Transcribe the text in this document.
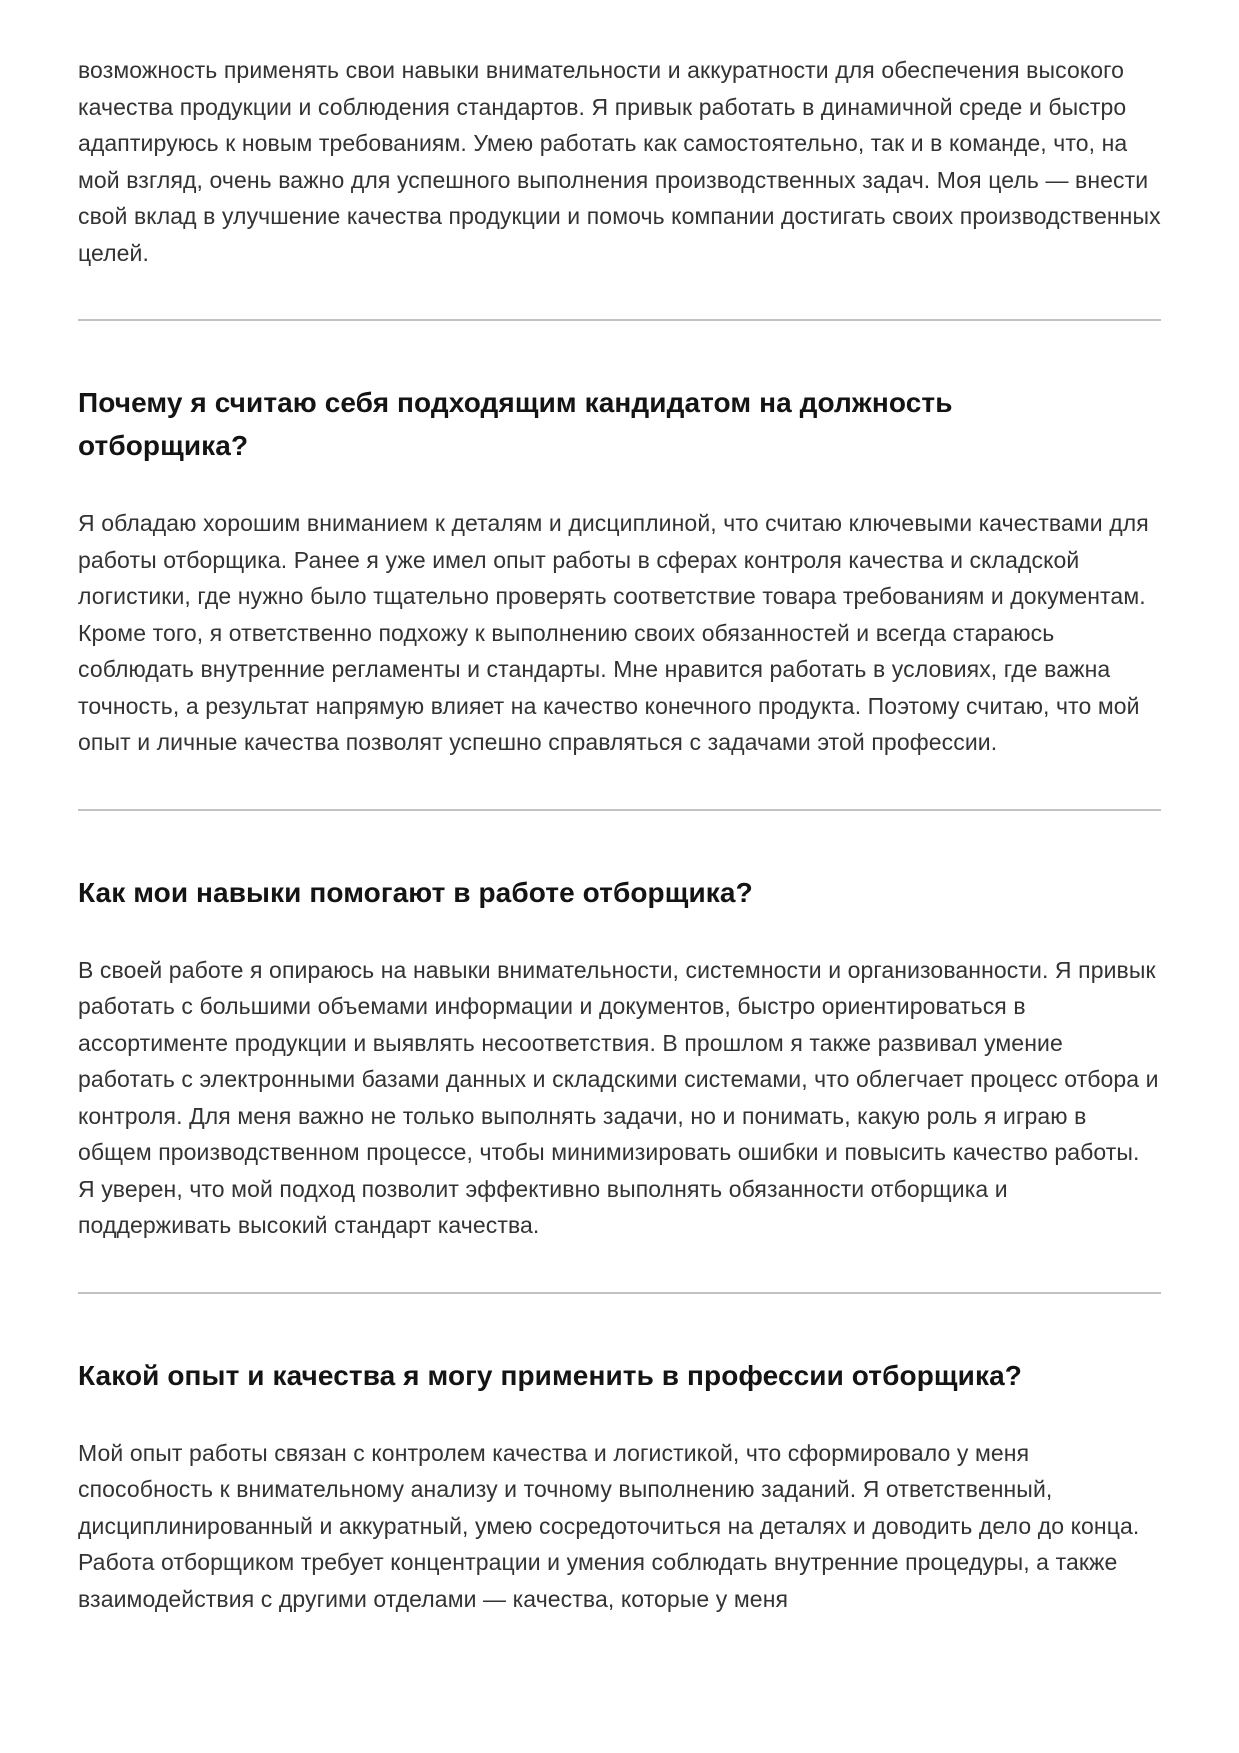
возможность применять свои навыки внимательности и аккуратности для обеспечения высокого качества продукции и соблюдения стандартов. Я привык работать в динамичной среде и быстро адаптируюсь к новым требованиям. Умею работать как самостоятельно, так и в команде, что, на мой взгляд, очень важно для успешного выполнения производственных задач. Моя цель — внести свой вклад в улучшение качества продукции и помочь компании достигать своих производственных целей.

Почему я считаю себя подходящим кандидатом на должность отборщика?

Я обладаю хорошим вниманием к деталям и дисциплиной, что считаю ключевыми качествами для работы отборщика. Ранее я уже имел опыт работы в сферах контроля качества и складской логистики, где нужно было тщательно проверять соответствие товара требованиям и документам. Кроме того, я ответственно подхожу к выполнению своих обязанностей и всегда стараюсь соблюдать внутренние регламенты и стандарты. Мне нравится работать в условиях, где важна точность, а результат напрямую влияет на качество конечного продукта. Поэтому считаю, что мой опыт и личные качества позволят успешно справляться с задачами этой профессии.

Как мои навыки помогают в работе отборщика?

В своей работе я опираюсь на навыки внимательности, системности и организованности. Я привык работать с большими объемами информации и документов, быстро ориентироваться в ассортименте продукции и выявлять несоответствия. В прошлом я также развивал умение работать с электронными базами данных и складскими системами, что облегчает процесс отбора и контроля. Для меня важно не только выполнять задачи, но и понимать, какую роль я играю в общем производственном процессе, чтобы минимизировать ошибки и повысить качество работы. Я уверен, что мой подход позволит эффективно выполнять обязанности отборщика и поддерживать высокий стандарт качества.

Какой опыт и качества я могу применить в профессии отборщика?

Мой опыт работы связан с контролем качества и логистикой, что сформировало у меня способность к внимательному анализу и точному выполнению заданий. Я ответственный, дисциплинированный и аккуратный, умею сосредоточиться на деталях и доводить дело до конца. Работа отборщиком требует концентрации и умения соблюдать внутренние процедуры, а также взаимодействия с другими отделами — качества, которые у меня
